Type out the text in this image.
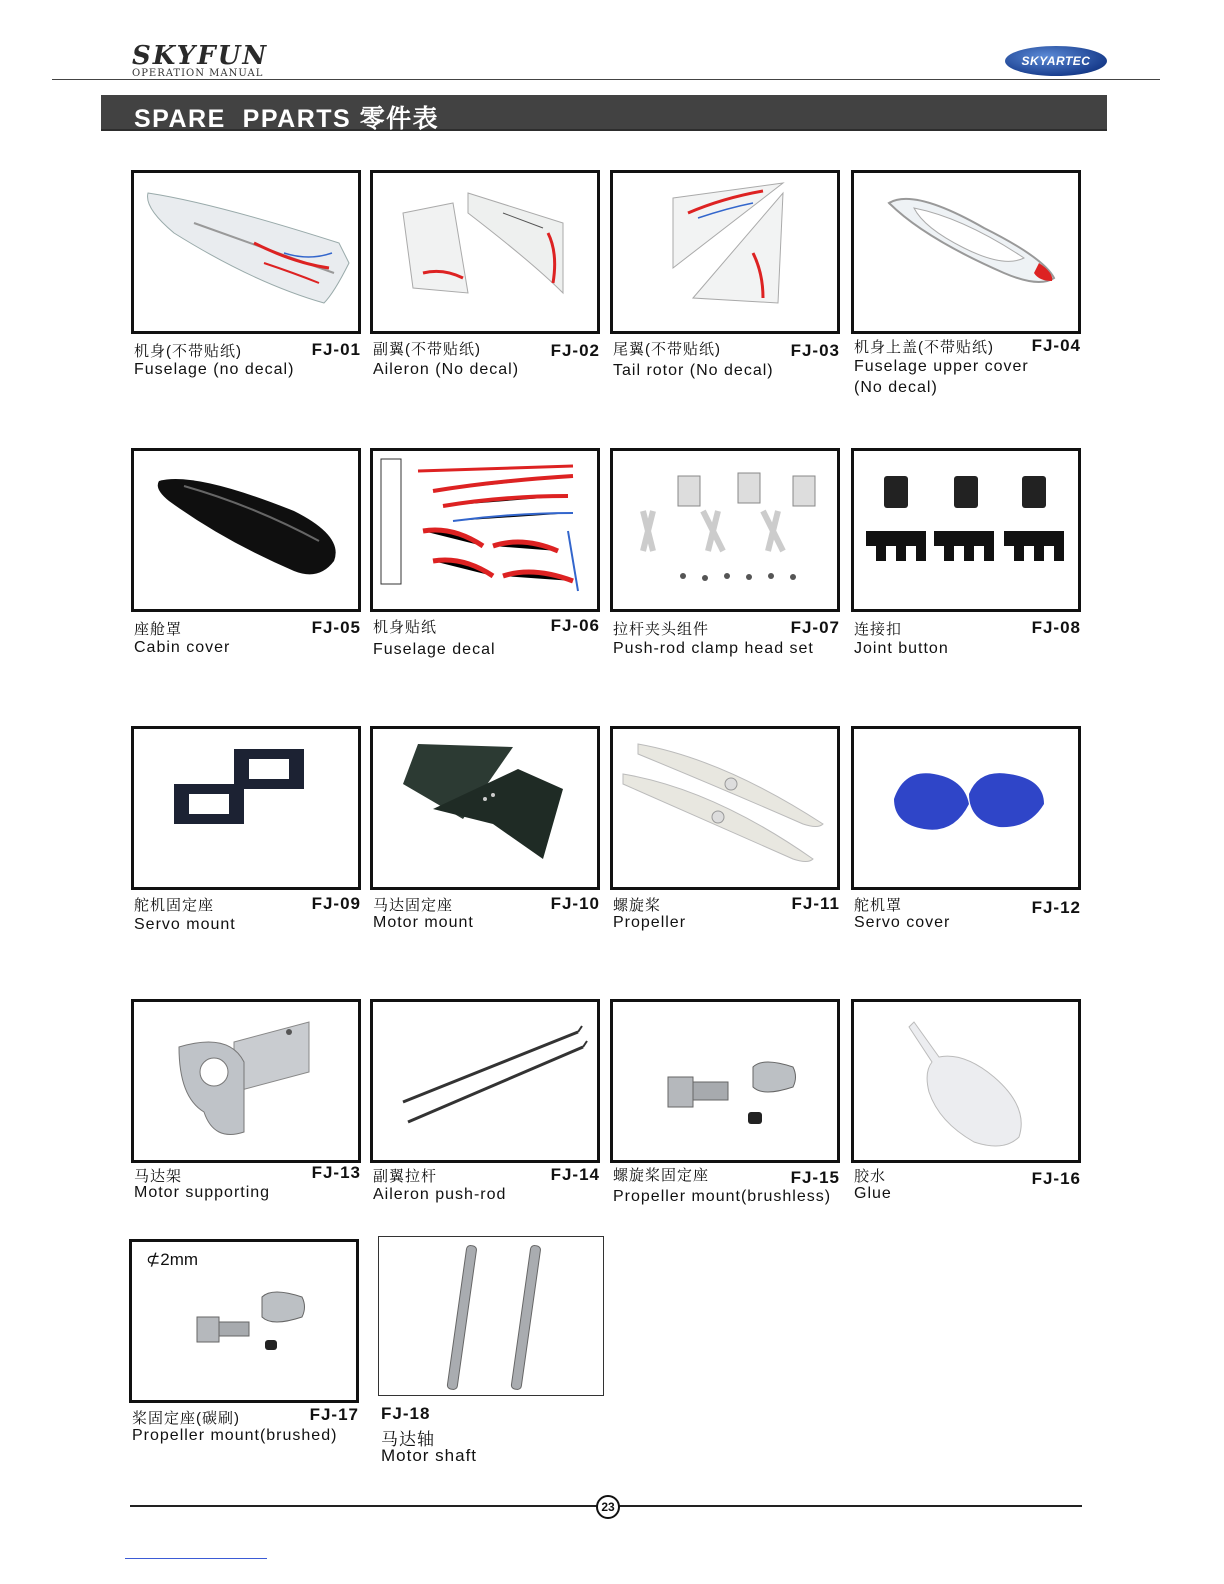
SKYFUN
OPERATION MANUAL
SKYARTEC
SPARE  PPARTS 零件表
机身(不带贴纸)	FJ-01
Fuselage (no decal)
副翼(不带贴纸)	FJ-02
Aileron (No decal)
尾翼(不带贴纸)	FJ-03
Tail rotor (No decal)
机身上盖(不带贴纸) FJ-04
Fuselage upper cover
(No decal)
座舱罩	FJ-05
Cabin cover
机身贴纸	FJ-06
Fuselage decal
拉杆夹头组件	FJ-07
Push-rod clamp head set
连接扣	FJ-08
Joint button
舵机固定座	FJ-09
Servo mount
马达固定座	FJ-10
Motor mount
螺旋桨	FJ-11
Propeller
舵机罩	FJ-12
Servo cover
马达架	FJ-13
Motor supporting
副翼拉杆	FJ-14
Aileron push-rod
螺旋桨固定座	FJ-15
Propeller mount(brushless)
胶水	FJ-16
Glue
⊄2mm
桨固定座(碳刷)	FJ-17
Propeller mount(brushed)
FJ-18
马达轴
Motor shaft
23
